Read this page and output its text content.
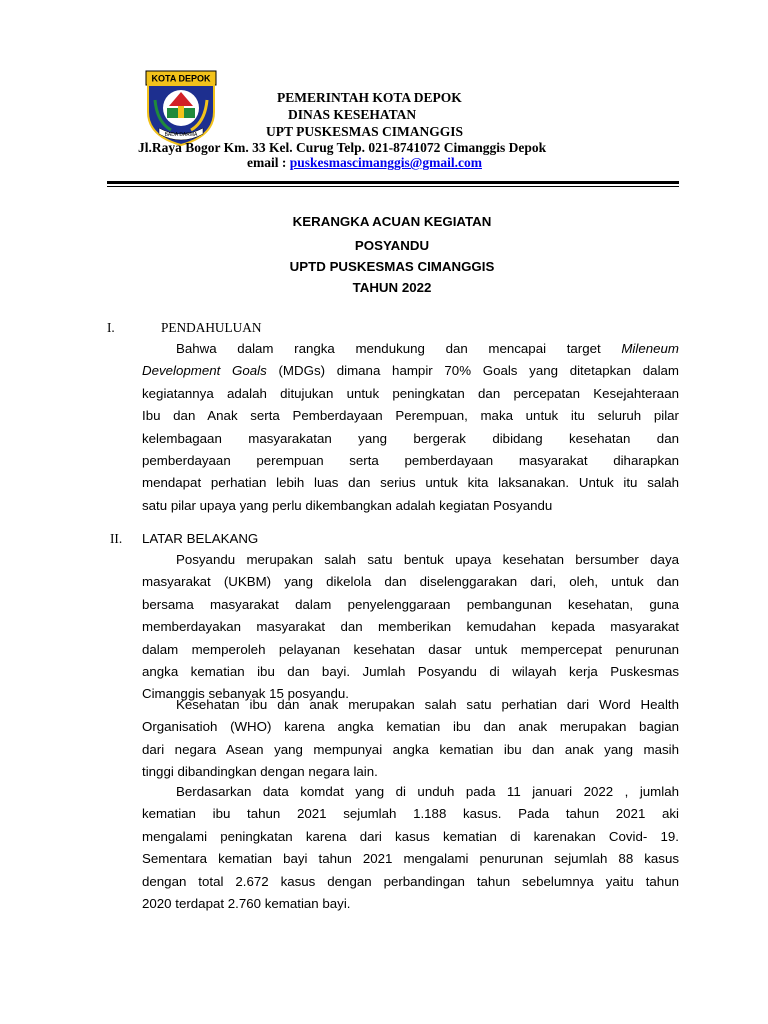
KOTA DEPOK
BADA DARMA
PEMERINTAH KOTA DEPOK
DINAS KESEHATAN
UPT PUSKESMAS CIMANGGIS
Jl.Raya Bogor Km. 33 Kel. Curug Telp. 021-8741072 Cimanggis Depok
email : puskesmascimanggis@gmail.com
KERANGKA ACUAN KEGIATAN
POSYANDU
UPTD PUSKESMAS CIMANGGIS
TAHUN 2022
I.	PENDAHULUAN
Bahwa dalam rangka mendukung dan mencapai target Mileneum
Development Goals (MDGs) dimana hampir 70% Goals yang ditetapkan dalam
kegiatannya adalah ditujukan untuk peningkatan dan percepatan Kesejahteraan
Ibu dan Anak serta Pemberdayaan Perempuan, maka untuk itu seluruh pilar
kelembagaan masyarakatan yang bergerak dibidang kesehatan dan
pemberdayaan perempuan serta pemberdayaan masyarakat diharapkan
mendapat perhatian lebih luas dan serius untuk kita laksanakan. Untuk itu salah
satu pilar upaya yang perlu dikembangkan adalah kegiatan Posyandu
II. LATAR BELAKANG
Posyandu merupakan salah satu bentuk upaya kesehatan bersumber daya
masyarakat (UKBM) yang dikelola dan diselenggarakan dari, oleh, untuk dan
bersama masyarakat dalam penyelenggaraan pembangunan kesehatan, guna
memberdayakan masyarakat dan memberikan kemudahan kepada masyarakat
dalam memperoleh pelayanan kesehatan dasar untuk mempercepat penurunan
angka kematian ibu dan bayi. Jumlah Posyandu di wilayah kerja Puskesmas
Cimanggis sebanyak 15 posyandu.
Kesehatan ibu dan anak merupakan salah satu perhatian dari Word Health
Organisatioh (WHO) karena angka kematian ibu dan anak merupakan bagian
dari negara Asean yang mempunyai angka kematian ibu dan anak yang masih
tinggi dibandingkan dengan negara lain.
Berdasarkan data komdat yang di unduh pada 11 januari 2022 , jumlah
kematian ibu tahun 2021 sejumlah 1.188 kasus. Pada tahun 2021 aki
mengalami peningkatan karena dari kasus kematian di karenakan Covid- 19.
Sementara kematian bayi tahun 2021 mengalami penurunan sejumlah 88 kasus
dengan total 2.672 kasus dengan perbandingan tahun sebelumnya yaitu tahun
2020 terdapat 2.760 kematian bayi.
